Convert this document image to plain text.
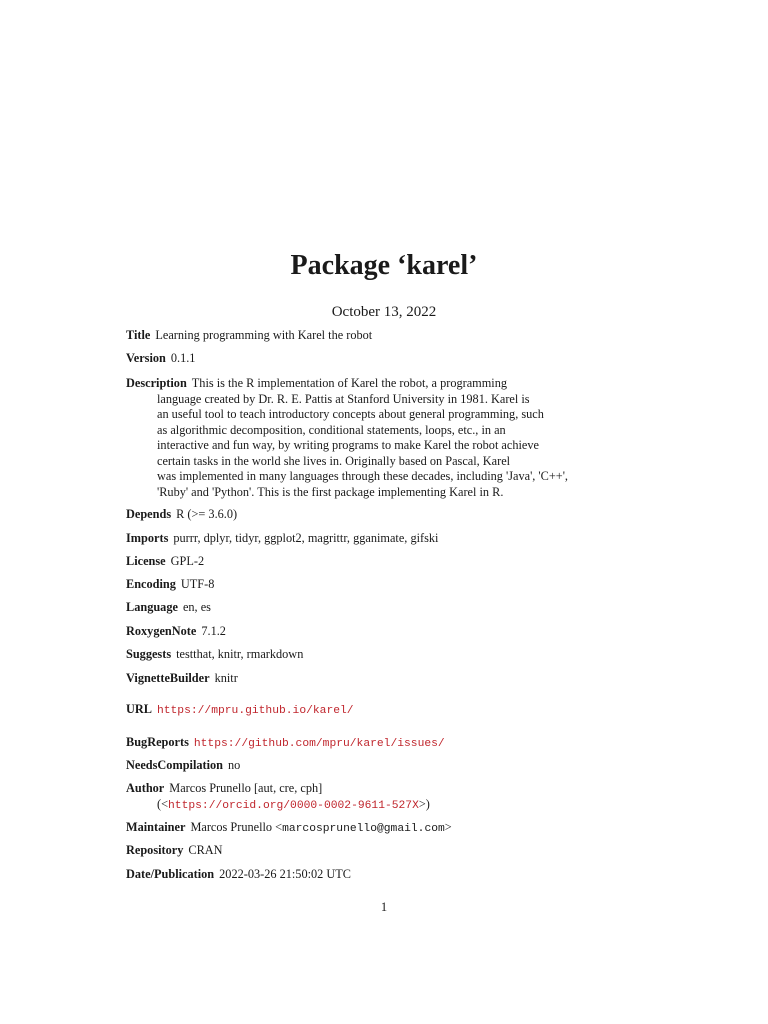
Package ‘karel’
October 13, 2022
Title Learning programming with Karel the robot
Version 0.1.1
Description This is the R implementation of Karel the robot, a programming
language created by Dr. R. E. Pattis at Stanford University in 1981. Karel is
an useful tool to teach introductory concepts about general programming, such
as algorithmic decomposition, conditional statements, loops, etc., in an
interactive and fun way, by writing programs to make Karel the robot achieve
certain tasks in the world she lives in. Originally based on Pascal, Karel
was implemented in many languages through these decades, including 'Java', 'C++',
'Ruby' and 'Python'. This is the first package implementing Karel in R.
Depends R (>= 3.6.0)
Imports purrr, dplyr, tidyr, ggplot2, magrittr, gganimate, gifski
License GPL-2
Encoding UTF-8
Language en, es
RoxygenNote 7.1.2
Suggests testthat, knitr, rmarkdown
VignetteBuilder knitr
URL https://mpru.github.io/karel/
BugReports https://github.com/mpru/karel/issues/
NeedsCompilation no
Author Marcos Prunello [aut, cre, cph]
(<https://orcid.org/0000-0002-9611-527X>)
Maintainer Marcos Prunello <marcosprunello@gmail.com>
Repository CRAN
Date/Publication 2022-03-26 21:50:02 UTC
1
